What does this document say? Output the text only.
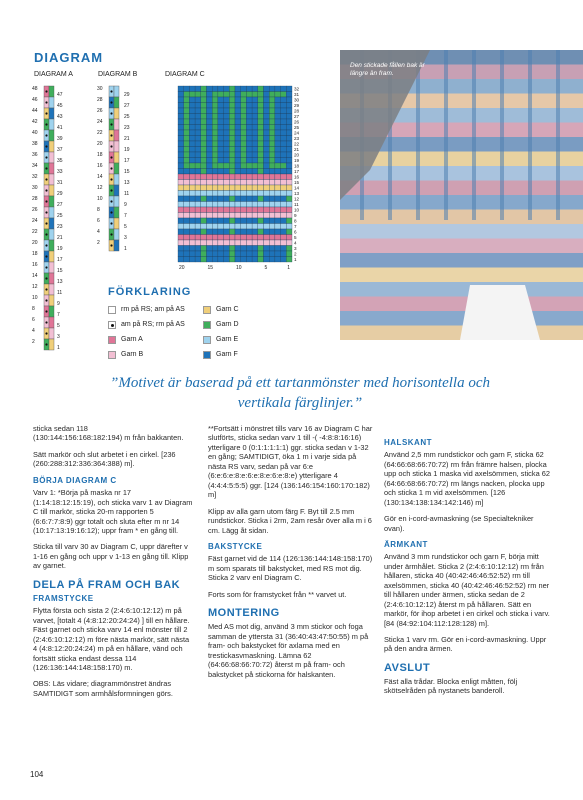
DIAGRAM
DIAGRAM A	DIAGRAM B	DIAGRAM C
48
47
46
45
44
43
42
41
40
39
38
37
36
35
34
33
32
31
30
29
28
27
26
25
24
23
22
21
20
19
18
17
16
15
14
13
12
11
10
9
8
7
6
5
4
3
2
1
30
29
28
27
26
25
24
23
22
21
20
19
18
17
16
15
14
13
12
11
10
9
8
7
6
5
4
3
2
1
32
31
30
29
28
27
26
25
24
23
22
21
20
19
18
17
16
15
14
13
12
11
10
9
8
7
6
5
4
3
2
1
20	15	10	5	1
Den stickade fållen bak är längre än fram.
FÖRKLARING
rm på RS; am på AS
am på RS; rm på AS
Garn A
Garn B
Garn C
Garn D
Garn E
Garn F
”Motivet är baserad på ett tartanmönster med horisontella och vertikala färglinjer.”

sticka sedan 118
(130:144:156:168:182:194) m från bakkanten.

Sätt markör och slut arbetet i en cirkel. [236 (260:288:312:336:364:388) m].

BÖRJA DIAGRAM C

Varv 1: *Börja på maska nr 17 (1:14:18:12:15:19), och sticka varv 1 av Diagram C till markör, sticka 20-m rapporten 5 (6:6:7:7:8:9) ggr totalt och sluta efter m nr 14 (10:17:13:19:16:12); uppr fram * en gång till.

Sticka till varv 30 av Diagram C, uppr därefter v 1-16 en gång och uppr v 1-13 en gång till. Klipp av garnet.

DELA PÅ FRAM OCH BAK
FRAMSTYCKE

Flytta första och sista 2 (2:4:6:10:12:12) m på varvet, [totalt 4 (4:8:12:20:24:24) ] till en hållare. Fäst garnet och sticka varv 14 enl mönster till 2 (2:4:6:10:12:12) m före nästa markör, sätt nästa 4 (4:8:12:20:24:24) m på en hållare, vänd och fortsätt sticka endast dessa 114 (126:136:144:148:158:170) m.

OBS: Läs vidare; diagrammönstret ändras SAMTIDIGT som armhålsformningen görs.

**Fortsätt i mönstret tills varv 16 av Diagram C har slutförts, sticka sedan varv 1 till -( -4:8:8:16:16) ytterligare 0 (0:1:1:1:1:1) ggr. sticka sedan v 1-32 en gång; SAMTIDIGT, öka 1 m i varje sida på nästa RS varv, sedan på var 6:e (6:e:6:e:8:e:6:e:8:e:6:e:8:e) ytterligare 4 (4:4:4:5:5:5) ggr. [124 (136:146:154:160:170:182) m]

Klipp av alla garn utom färg F. Byt till 2.5 mm rundstickor. Sticka i 2rm, 2am resår över alla m i 6 cm. Lägg åt sidan.

BAKSTYCKE

Fäst garnet vid de 114 (126:136:144:148:158:170) m som sparats till bakstycket, med RS mot dig. Sticka 2 varv enl Diagram C.

Forts som för framstycket från ** varvet ut.

MONTERING

Med AS mot dig, använd 3 mm stickor och foga samman de yttersta 31 (36:40:43:47:50:55) m på fram- och bakstycket för axlarna med en trestickasvmaskning. Lämna 62 (64:66:68:66:70:72) återst m på fram- och bakstycket på stickorna för halskanten.

HALSKANT

Använd 2,5 mm rundstickor och garn F, sticka 62 (64:66:68:66:70:72) rm från främre halsen, plocka upp och sticka 1 maska vid axelsömmen, sticka 62 (64:66:68:66:70:72) rm längs nacken, plocka upp och sticka 1 m vid axelsömmen. [126 (130:134:138:134:142:146) m]

Gör en i-cord-avmaskning (se Specialtekniker ovan).

ÄRMKANT

Använd 3 mm rundstickor och garn F, börja mitt under ärmhålet. Sticka 2 (2:4:6:10:12:12) rm från hållaren, sticka 40 (40:42:46:46:52:52) rm till axelsömmen, sticka 40 (40:42:46:46:52:52) rm ner till hållaren under ärmen, sticka sedan de 2 (2:4:6:10:12:12) återst m på hållaren. Sätt en markör, för ihop arbetet i en cirkel och sticka i varv. [84 (84:92:104:112:128:128) m].

Sticka 1 varv rm. Gör en i-cord-avmaskning. Uppr på den andra ärmen.

AVSLUT

Fäst alla trådar. Blocka enligt måtten, följ skötselråden på nystanets banderoll.

104
PassionForum.ru
